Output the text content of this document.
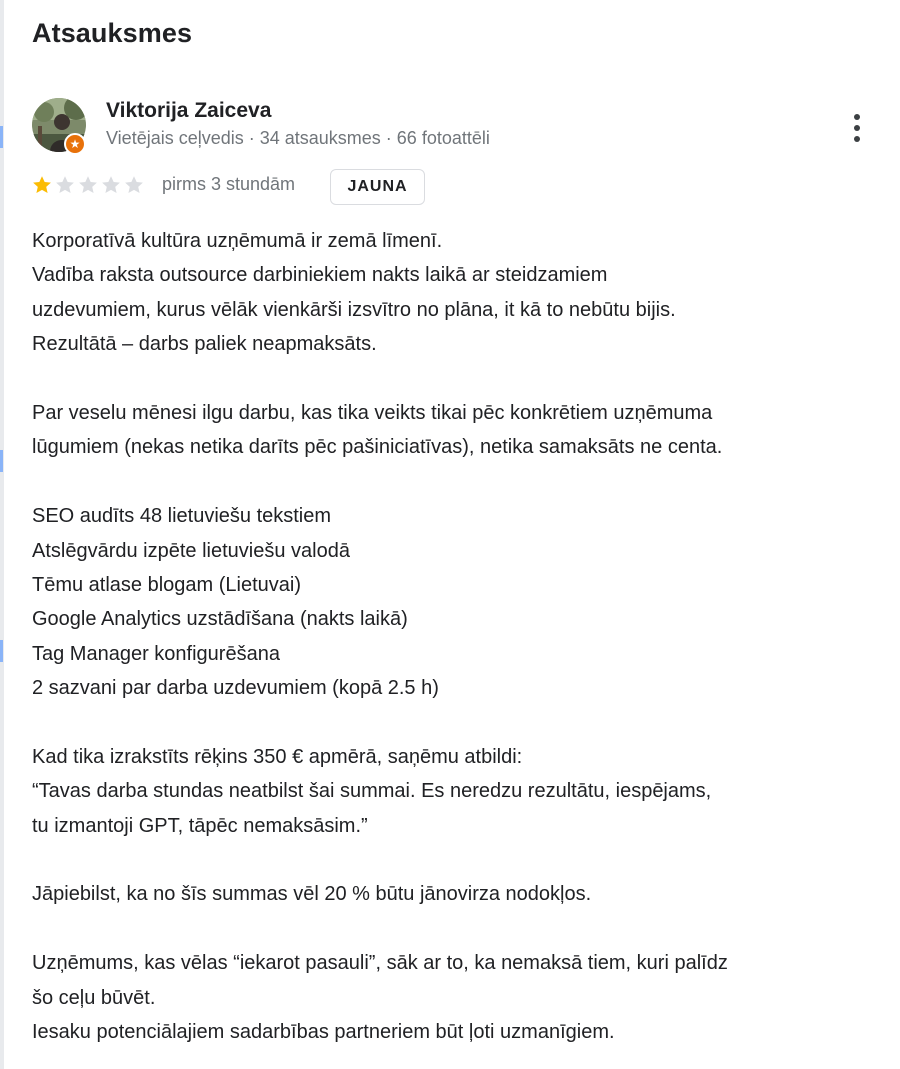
Atsauksmes
★
Viktorija Zaiceva
Vietējais ceļvedis · 34 atsauksmes · 66 fotoattēli
pirms 3 stundām	JAUNA
Korporatīvā kultūra uzņēmumā ir zemā līmenī.
Vadība raksta outsource darbiniekiem nakts laikā ar steidzamiem
uzdevumiem, kurus vēlāk vienkārši izsvītro no plāna, it kā to nebūtu bijis.
Rezultātā – darbs paliek neapmaksāts.
Par veselu mēnesi ilgu darbu, kas tika veikts tikai pēc konkrētiem uzņēmuma
lūgumiem (nekas netika darīts pēc pašiniciatīvas), netika samaksāts ne centa.
SEO audīts 48 lietuviešu tekstiem
Atslēgvārdu izpēte lietuviešu valodā
Tēmu atlase blogam (Lietuvai)
Google Analytics uzstādīšana (nakts laikā)
Tag Manager konfigurēšana
2 sazvani par darba uzdevumiem (kopā 2.5 h)
Kad tika izrakstīts rēķins 350 € apmērā, saņēmu atbildi:
“Tavas darba stundas neatbilst šai summai. Es neredzu rezultātu, iespējams,
tu izmantoji GPT, tāpēc nemaksāsim.”
Jāpiebilst, ka no šīs summas vēl 20 % būtu jānovirza nodokļos.
Uzņēmums, kas vēlas “iekarot pasauli”, sāk ar to, ka nemaksā tiem, kuri palīdz
šo ceļu būvēt.
Iesaku potenciālajiem sadarbības partneriem būt ļoti uzmanīgiem.
